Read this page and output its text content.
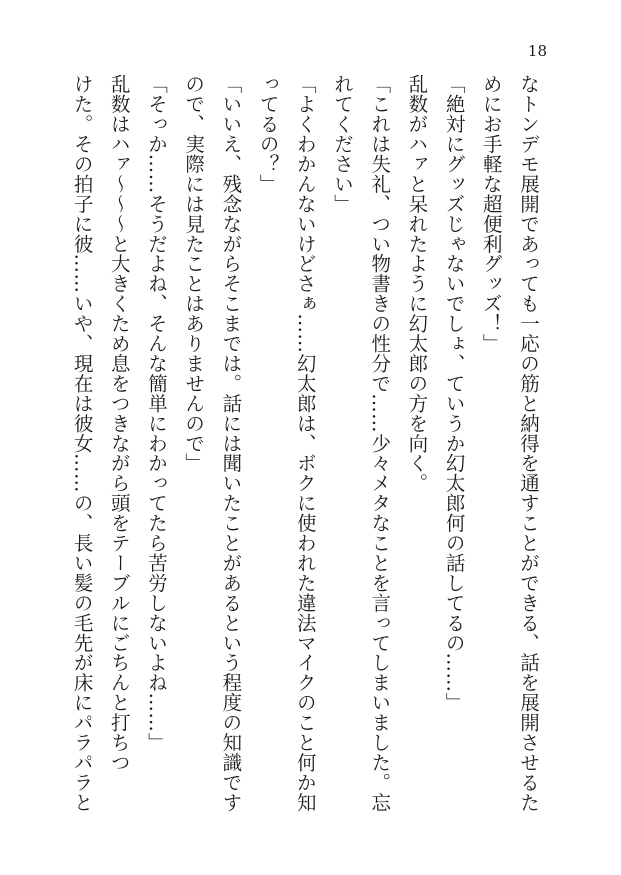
18

なトンデモ展開であっても一応の筋と納得を通すことができる、話を展開させるた

めにお手軽な超便利グッズ！」

「絶対にグッズじゃないでしょ、ていうか幻太郎何の話してるの……」

乱数がハァと呆れたように幻太郎の方を向く。

「これは失礼、つい物書きの性分で……少々メタなことを言ってしまいました。忘

れてください」

「よくわかんないけどさぁ……幻太郎は、ボクに使われた違法マイクのこと何か知

ってるの？」

「いいえ、残念ながらそこまでは。話には聞いたことがあるという程度の知識です

ので、実際には見たことはありませんので」

「そっか……そうだよね、そんな簡単にわかってたら苦労しないよね……」

乱数はハァ～～～と大きくため息をつきながら頭をテーブルにごちんと打ちつ

けた。その拍子に彼……いや、現在は彼女……の、長い髪の毛先が床にパラパラと
